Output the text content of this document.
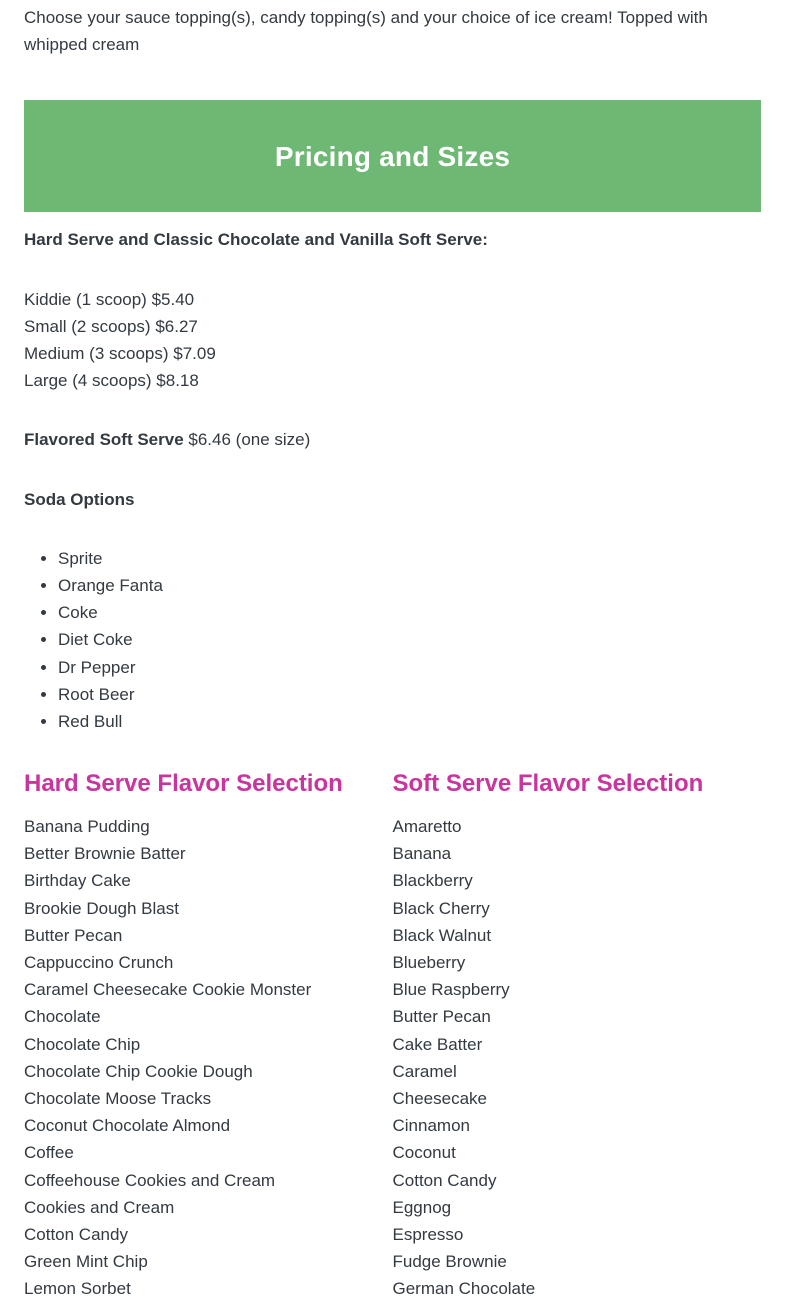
Choose your sauce topping(s), candy topping(s) and your choice of ice cream! Topped with whipped cream

Pricing and Sizes
Hard Serve and Classic Chocolate and Vanilla Soft Serve:
Kiddie (1 scoop) $5.40
Small (2 scoops) $6.27
Medium (3 scoops) $7.09
Large (4 scoops) $8.18
Flavored Soft Serve $6.46 (one size)
Soda Options
• Sprite
• Orange Fanta
• Coke
• Diet Coke
• Dr Pepper
• Root Beer
• Red Bull
Hard Serve Flavor Selection
Banana Pudding
Better Brownie Batter
Birthday Cake
Brookie Dough Blast
Butter Pecan
Cappuccino Crunch
Caramel Cheesecake Cookie Monster
Chocolate
Chocolate Chip
Chocolate Chip Cookie Dough
Chocolate Moose Tracks
Coconut Chocolate Almond
Coffee
Coffeehouse Cookies and Cream
Cookies and Cream
Cotton Candy
Green Mint Chip
Lemon Sorbet
Soft Serve Flavor Selection
Amaretto
Banana
Blackberry
Black Cherry
Black Walnut
Blueberry
Blue Raspberry
Butter Pecan
Cake Batter
Caramel
Cheesecake
Cinnamon
Coconut
Cotton Candy
Eggnog
Espresso
Fudge Brownie
German Chocolate
